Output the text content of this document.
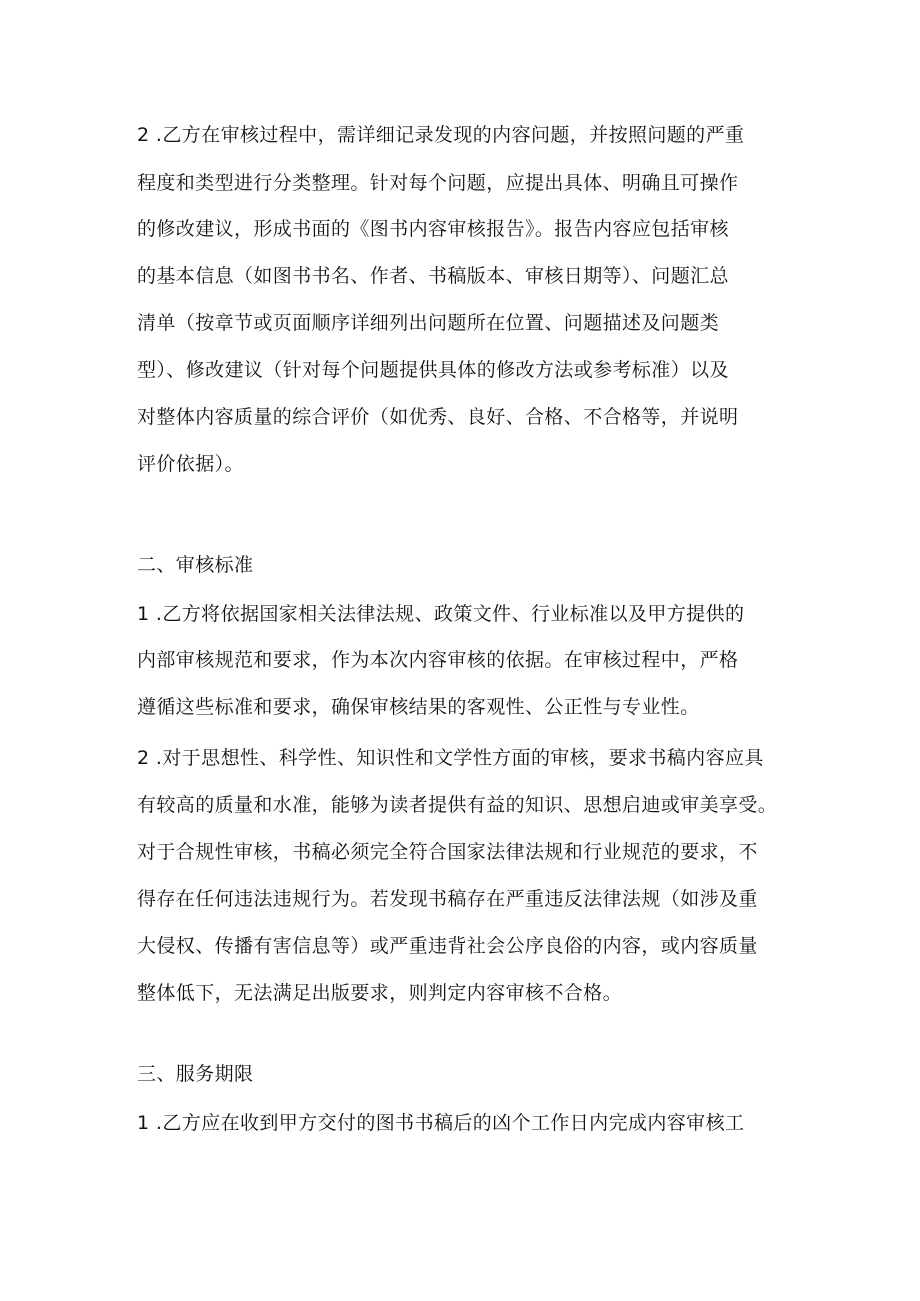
2 .乙方在审核过程中，需详细记录发现的内容问题，并按照问题的严重
程度和类型进行分类整理。针对每个问题，应提出具体、明确且可操作
的修改建议，形成书面的《图书内容审核报告》。报告内容应包括审核
的基本信息（如图书书名、作者、书稿版本、审核日期等）、问题汇总
清单（按章节或页面顺序详细列出问题所在位置、问题描述及问题类
型）、修改建议（针对每个问题提供具体的修改方法或参考标准）以及
对整体内容质量的综合评价（如优秀、良好、合格、不合格等，并说明
评价依据）。
二、审核标准
1 .乙方将依据国家相关法律法规、政策文件、行业标准以及甲方提供的
内部审核规范和要求，作为本次内容审核的依据。在审核过程中，严格
遵循这些标准和要求，确保审核结果的客观性、公正性与专业性。
2 .对于思想性、科学性、知识性和文学性方面的审核，要求书稿内容应具
有较高的质量和水准，能够为读者提供有益的知识、思想启迪或审美享受。
对于合规性审核，书稿必须完全符合国家法律法规和行业规范的要求，不
得存在任何违法违规行为。若发现书稿存在严重违反法律法规（如涉及重
大侵权、传播有害信息等）或严重违背社会公序良俗的内容，或内容质量
整体低下，无法满足出版要求，则判定内容审核不合格。
三、服务期限
1 .乙方应在收到甲方交付的图书书稿后的凶个工作日内完成内容审核工
